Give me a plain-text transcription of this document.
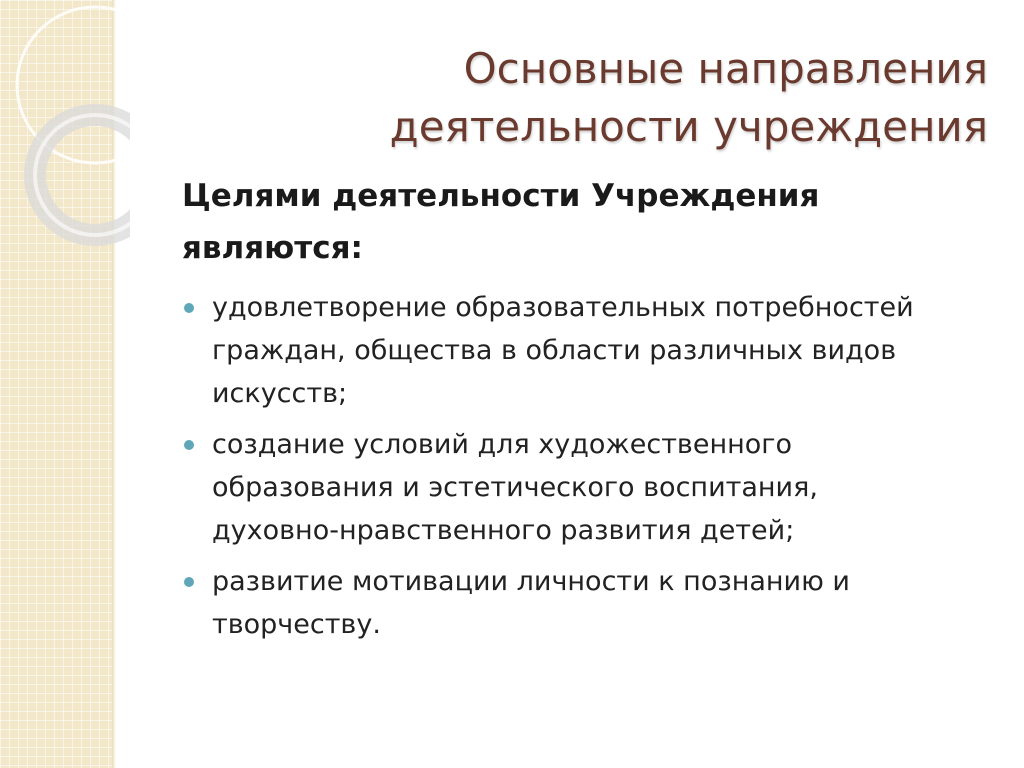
Основные направления
деятельности учреждения
Целями деятельности Учреждения
являются:
удовлетворение образовательных потребностей
граждан, общества в области различных видов
искусств;
создание условий для художественного
образования и эстетического воспитания,
духовно-нравственного развития детей;
развитие мотивации личности к познанию и
творчеству.
